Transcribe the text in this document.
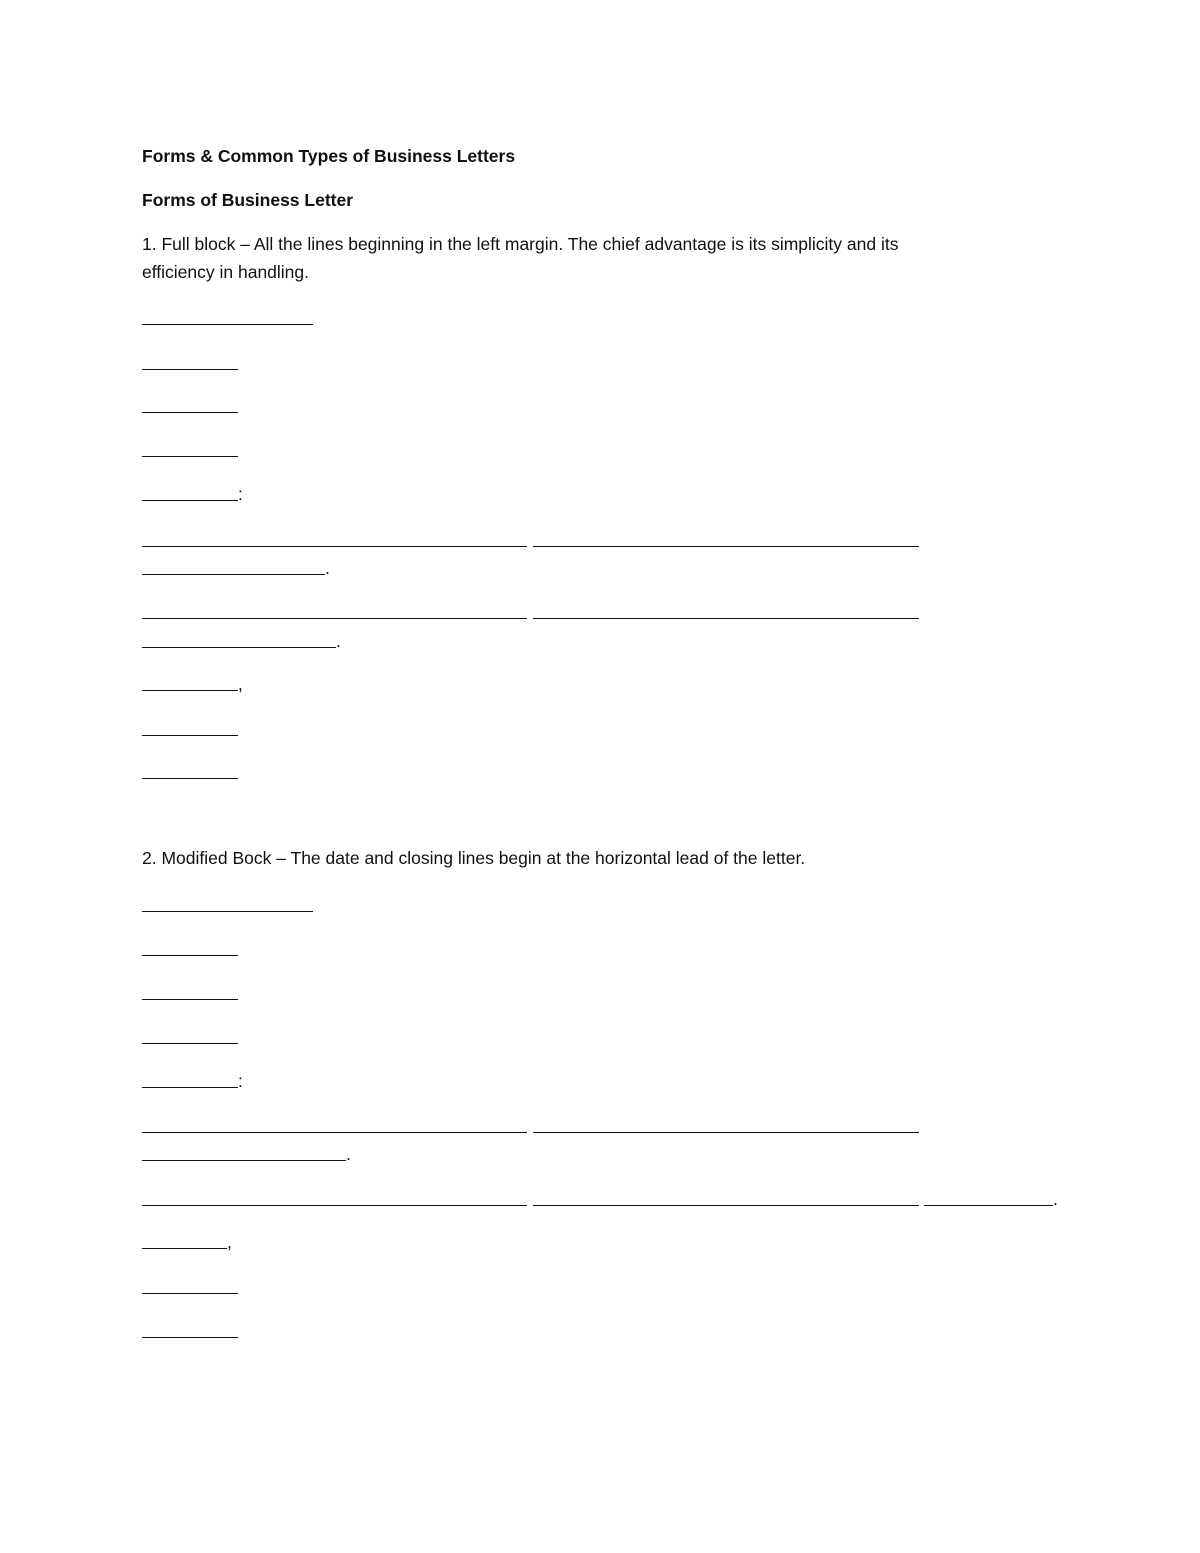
Forms & Common Types of Business Letters
Forms of Business Letter

1. Full block – All the lines beginning in the left margin. The chief advantage is its simplicity and its

efficiency in handling.

:
.
.
,

2. Modified Bock – The date and closing lines begin at the horizontal lead of the letter.

:
.
.
,
